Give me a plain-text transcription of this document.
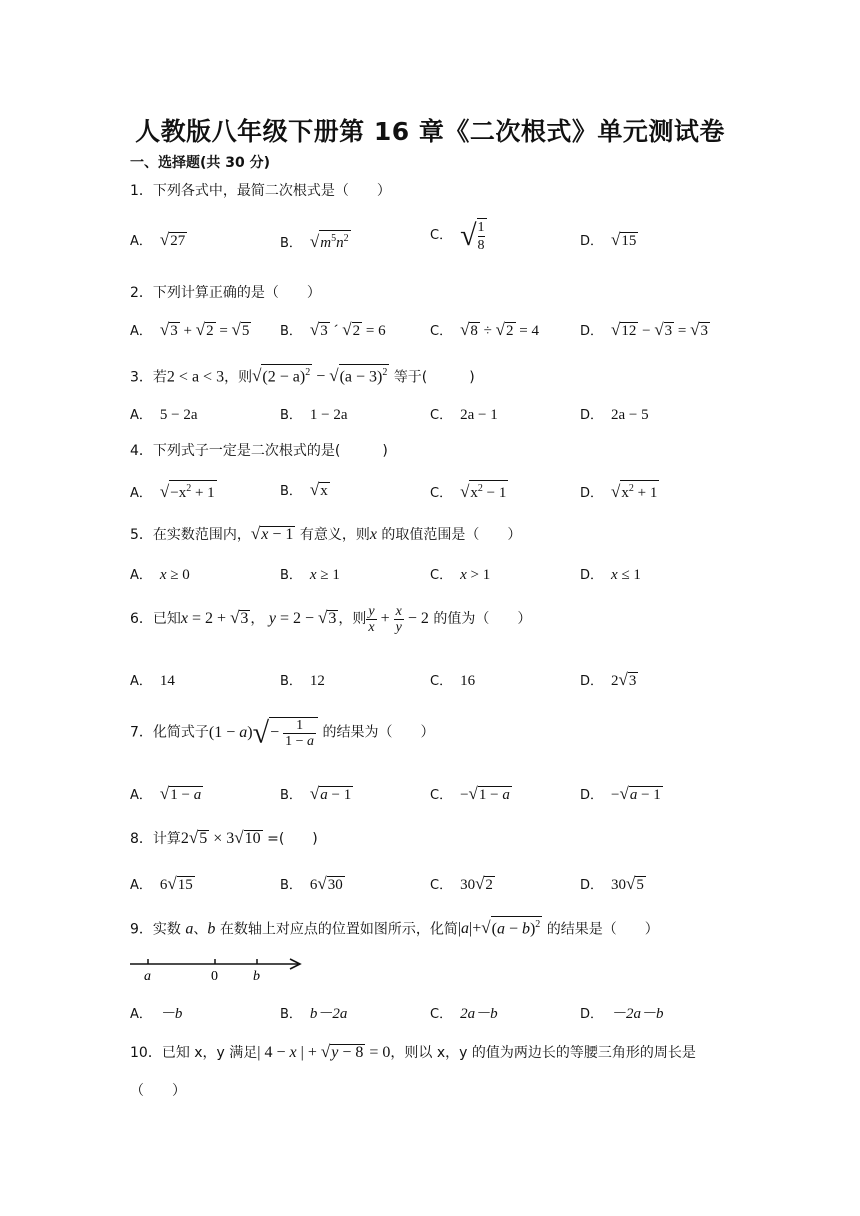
人教版八年级下册第 16 章《二次根式》单元测试卷
一、选择题(共 30 分)
1．下列各式中，最简二次根式是（　　）
A． √27	B． $√m^5n^2$	C． √ $\frac{1}{8}$	D． √15
2．下列计算正确的是（　　）
A． √3 + √2 = √5 B． √3 ´ √2 = 6	C． √8 ÷ √2 = 4	D． √12 − √3 = √3
3．若2 < a < 3，则$√(2 - a)^2 - √(a - 3)^2$ 等于(　　　)
A． 5 − 2a	B． 1 − 2a	C． 2a − 1	D． 2a − 5
4．下列式子一定是二次根式的是(　　　)
A． $√-x^2 + 1$	B． √x	C． $√x^2 - 1$	D． $√x^2 + 1$
5．在实数范围内，√x − 1 有意义，则x 的取值范围是（　　）
A． x ≥ 0	B． x ≥ 1	C． x > 1	D． x ≤ 1
6．已知x = 2 + √3 ， y = 2 − √3 ，则 $\frac{y}{x} + \frac{x}{y} - 2$ 的值为（　　）
A． 14	B． 12	C． 16	D． 2√3
7．化简式子$(1 - a)√- \frac{1}{1 - a}$ 的结果为（　　）
A． √1 − a	B． √a − 1	C． −√1 − a	D． −√a − 1
8．计算2√5 × 3√10 =(　　)
A． 6√15	B． 6√30	C． 30√2	D． 30√5
9．实数 a、b 在数轴上对应点的位置如图所示，化简$|a|+√(a - b)^2$ 的结果是（　　）
a	0	b
A． －b	B． b－2a	C． 2a－b	D． －2a－b
10．已知 x，y 满足| 4 − x | + √y − 8 = 0，则以 x，y 的值为两边长的等腰三角形的周长是
（　　）
